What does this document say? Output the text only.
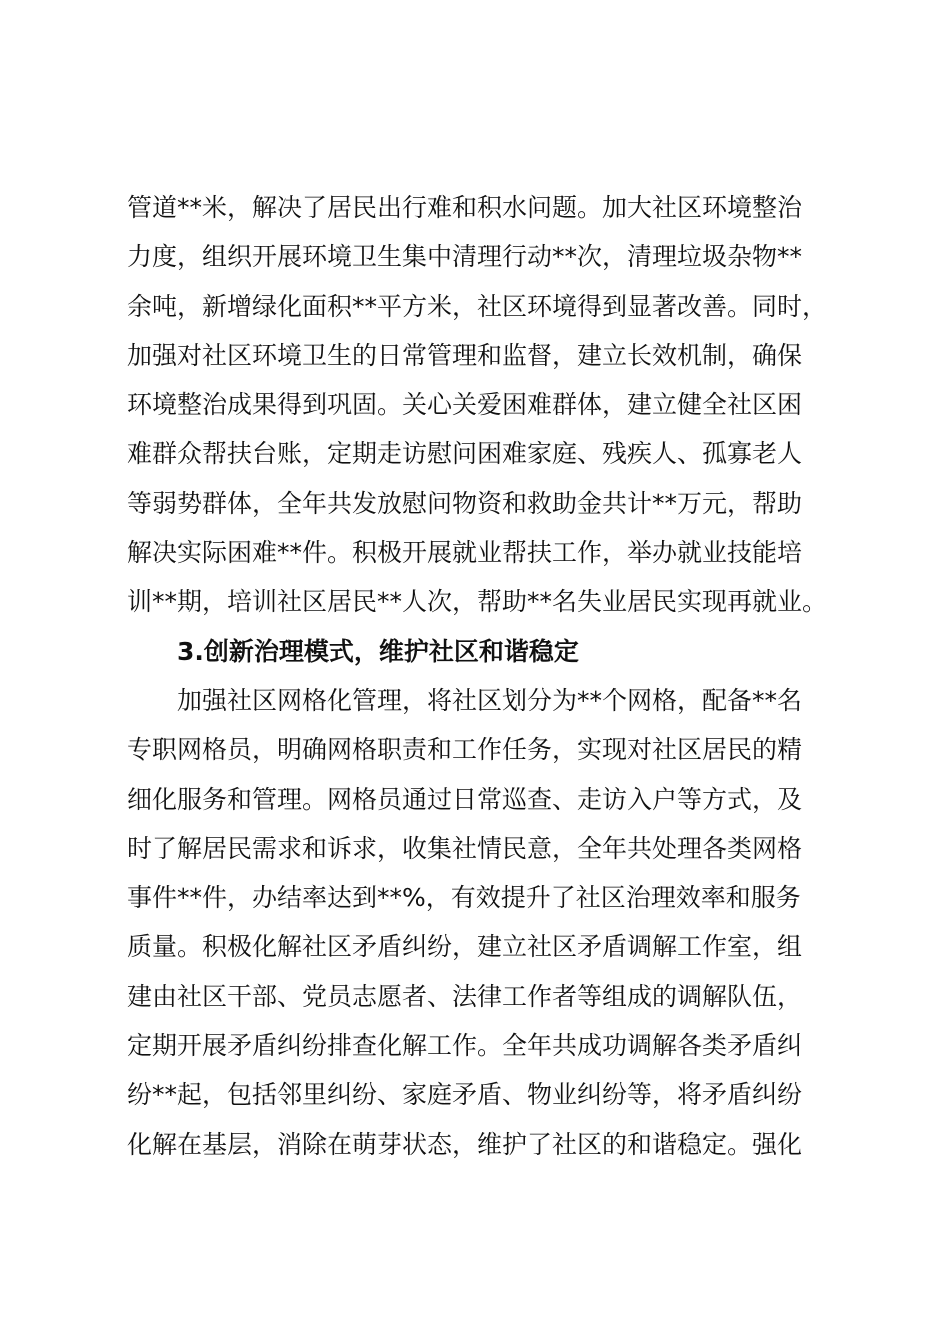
管道**米，解决了居民出行难和积水问题。加大社区环境整治

力度，组织开展环境卫生集中清理行动**次，清理垃圾杂物**

余吨，新增绿化面积**平方米，社区环境得到显著改善。同时，

加强对社区环境卫生的日常管理和监督，建立长效机制，确保

环境整治成果得到巩固。关心关爱困难群体，建立健全社区困

难群众帮扶台账，定期走访慰问困难家庭、残疾人、孤寡老人

等弱势群体，全年共发放慰问物资和救助金共计**万元，帮助

解决实际困难**件。积极开展就业帮扶工作，举办就业技能培

训**期，培训社区居民**人次，帮助**名失业居民实现再就业。

3.创新治理模式，维护社区和谐稳定

加强社区网格化管理，将社区划分为**个网格，配备**名

专职网格员，明确网格职责和工作任务，实现对社区居民的精

细化服务和管理。网格员通过日常巡查、走访入户等方式，及

时了解居民需求和诉求，收集社情民意，全年共处理各类网格

事件**件，办结率达到**%，有效提升了社区治理效率和服务

质量。积极化解社区矛盾纠纷，建立社区矛盾调解工作室，组

建由社区干部、党员志愿者、法律工作者等组成的调解队伍，

定期开展矛盾纠纷排查化解工作。全年共成功调解各类矛盾纠

纷**起，包括邻里纠纷、家庭矛盾、物业纠纷等，将矛盾纠纷

化解在基层，消除在萌芽状态，维护了社区的和谐稳定。强化
